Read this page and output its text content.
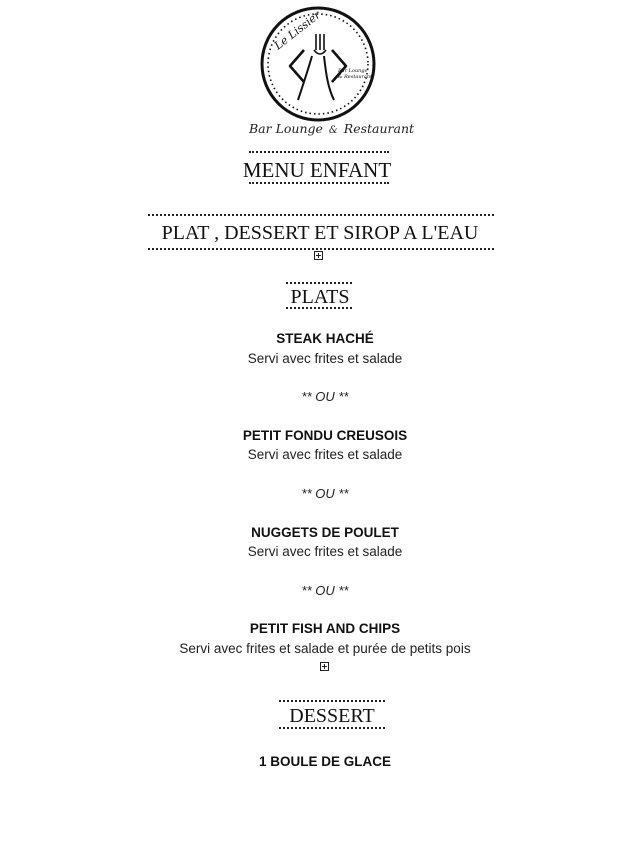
Le Lissier
Bar Lounge
& Restaurant
Bar Lounge & Restaurant
MENU ENFANT
PLAT , DESSERT ET SIROP A L'EAU
PLATS
STEAK HACHÉ
Servi avec frites et salade
** OU **
PETIT FONDU CREUSOIS
Servi avec frites et salade
** OU **
NUGGETS DE POULET
Servi avec frites et salade
** OU **
PETIT FISH AND CHIPS
Servi avec frites et salade et purée de petits pois
DESSERT
1 BOULE DE GLACE
